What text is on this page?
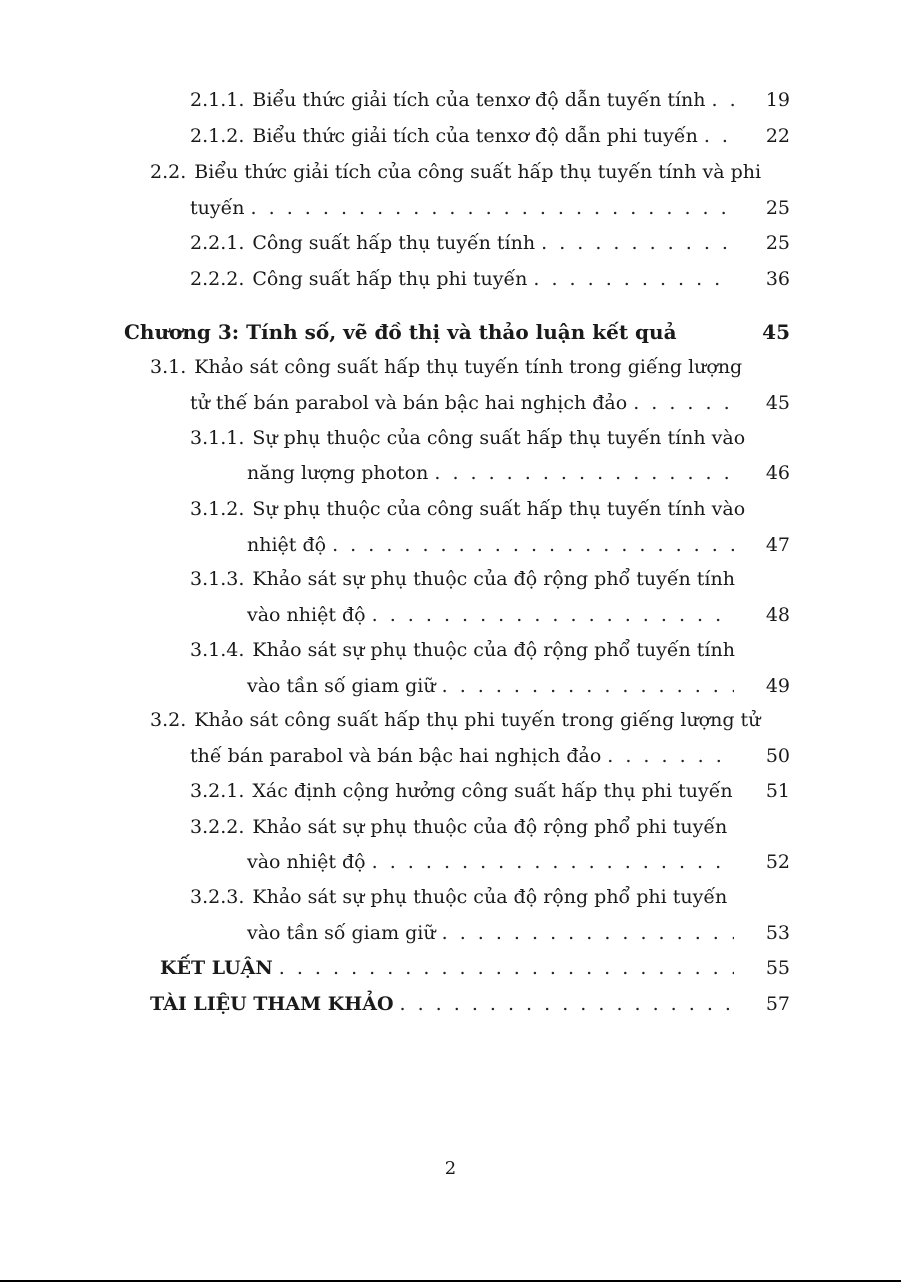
2.1.1. Biểu thức giải tích của tenxơ độ dẫn tuyến tính . . .	19
2.1.2. Biểu thức giải tích của tenxơ độ dẫn phi tuyến . . .	22
2.2. Biểu thức giải tích của công suất hấp thụ tuyến tính và phi
tuyến . . .	25
2.2.1. Công suất hấp thụ tuyến tính . . .	25
2.2.2. Công suất hấp thụ phi tuyến . . .	36
Chương 3: Tính số, vẽ đồ thị và thảo luận kết quả	45
3.1. Khảo sát công suất hấp thụ tuyến tính trong giếng lượng
tử thế bán parabol và bán bậc hai nghịch đảo . . .	45
3.1.1. Sự phụ thuộc của công suất hấp thụ tuyến tính vào
năng lượng photon . . .	46
3.1.2. Sự phụ thuộc của công suất hấp thụ tuyến tính vào
nhiệt độ . . .	47
3.1.3. Khảo sát sự phụ thuộc của độ rộng phổ tuyến tính
vào nhiệt độ . . .	48
3.1.4. Khảo sát sự phụ thuộc của độ rộng phổ tuyến tính
vào tần số giam giữ . . .	49
3.2. Khảo sát công suất hấp thụ phi tuyến trong giếng lượng tử
thế bán parabol và bán bậc hai nghịch đảo . . .	50
3.2.1. Xác định cộng hưởng công suất hấp thụ phi tuyến	51
3.2.2. Khảo sát sự phụ thuộc của độ rộng phổ phi tuyến
vào nhiệt độ . . .	52
3.2.3. Khảo sát sự phụ thuộc của độ rộng phổ phi tuyến
vào tần số giam giữ . . .	53
KẾT LUẬN . . .	55
TÀI LIỆU THAM KHẢO . . .	57
2
